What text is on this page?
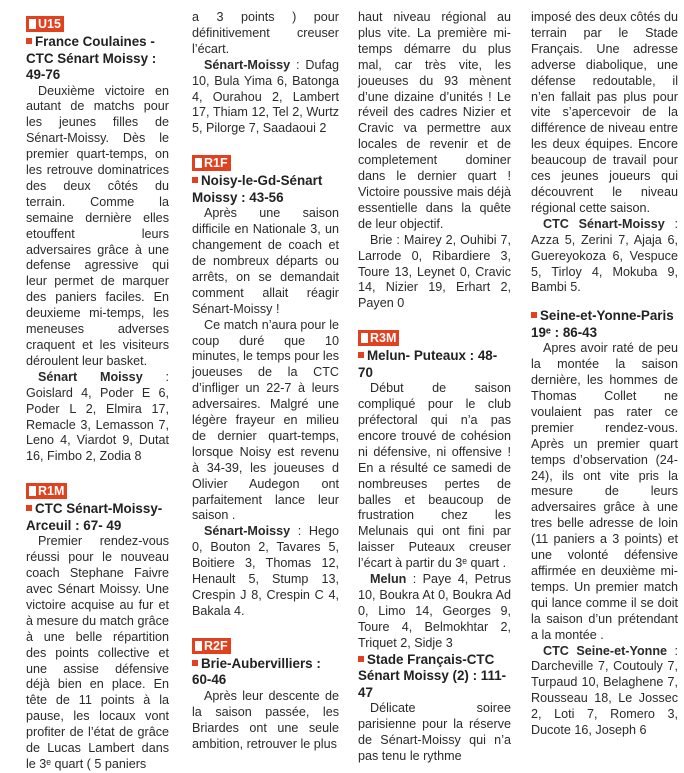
U15
France Coulaines - CTC Sénart Moissy : 49-76

Deuxième victoire en autant de matchs pour les jeunes filles de Sénart-Moissy. Dès le premier quart-temps, on les retrouve dominatrices des deux côtés du terrain. Comme la semaine dernière elles etouffent leurs adversaires grâce à une defense agressive qui leur permet de marquer des paniers faciles. En deuxieme mi-temps, les meneuses adverses craquent et les visiteurs déroulent leur basket.

Sénart Moissy : Goislard 4, Poder E 6, Poder L 2, Elmira 17, Remacle 3, Lemasson 7, Leno 4, Viardot 9, Dutat 16, Fimbo 2, Zodia 8

R1M
CTC Sénart-Moissy-Arceuil : 67- 49

Premier rendez-vous réussi pour le nouveau coach Stephane Faivre avec Sénart Moissy. Une victoire acquise au fur et à mesure du match grâce à une belle répartition des points collective et une assise défensive déjà bien en place. En tête de 11 points à la pause, les locaux vont profiter de l’état de grâce de Lucas Lambert dans le 3ᵉ quart ( 5 paniers

a 3 points ) pour définitivement creuser l’écart.

Sénart-Moissy : Dufag 10, Bula Yima 6, Batonga 4, Ourahou 2, Lambert 17, Thiam 12, Tel 2, Wurtz 5, Pilorge 7, Saadaoui 2

R1F
Noisy-le-Gd-Sénart Moissy : 43-56

Après une saison difficile en Nationale 3, un changement de coach et de nombreux départs ou arrêts, on se demandait comment allait réagir Sénart-Moissy !

Ce match n’aura pour le coup duré que 10 minutes, le temps pour les joueuses de la CTC d’infliger un 22-7 à leurs adversaires. Malgré une légère frayeur en milieu de dernier quart-temps, lorsque Noisy est revenu à 34-39, les joueuses d Olivier Audegon ont parfaitement lance leur saison .

Sénart-Moissy : Hego 0, Bouton 2, Tavares 5, Boitiere 3, Thomas 12, Henault 5, Stump 13, Crespin J 8, Crespin C 4, Bakala 4.

R2F
Brie-Aubervilliers : 60-46

Après leur descente de la saison passée, les Briardes ont une seule ambition, retrouver le plus

haut niveau régional au plus vite. La première mi-temps démarre du plus mal, car très vite, les joueuses du 93 mènent d’une dizaine d’unités ! Le réveil des cadres Nizier et Cravic va permettre aux locales de revenir et de completement dominer dans le dernier quart ! Victoire poussive mais déjà essentielle dans la quête de leur objectif.

Brie : Mairey 2, Ouhibi 7, Larrode 0, Ribardiere 3, Toure 13, Leynet 0, Cravic 14, Nizier 19, Erhart 2, Payen 0

R3M
Melun- Puteaux : 48-70

Début de saison compliqué pour le club préfectoral qui n’a pas encore trouvé de cohésion ni défensive, ni offensive ! En a résulté ce samedi de nombreuses pertes de balles et beaucoup de frustration chez les Melunais qui ont fini par laisser Puteaux creuser l’écart à partir du 3ᵉ quart .

Melun : Paye 4, Petrus 10, Boukra At 0, Boukra Ad 0, Limo 14, Georges 9, Toure 4, Belmokhtar 2, Triquet 2, Sidje 3

Stade Français-CTC Sénart Moissy (2) : 111-47

Délicate soiree parisienne pour la réserve de Sénart-Moissy qui n’a pas tenu le rythme

imposé des deux côtés du terrain par le Stade Français. Une adresse adverse diabolique, une défense redoutable, il n’en fallait pas plus pour vite s’apercevoir de la différence de niveau entre les deux équipes. Encore beaucoup de travail pour ces jeunes joueurs qui découvrent le niveau régional cette saison.

CTC Sénart-Moissy : Azza 5, Zerini 7, Ajaja 6, Guereyokoza 6, Vespuce 5, Tirloy 4, Mokuba 9, Bambi 5.

Seine-et-Yonne-Paris 19ᵉ : 86-43

Apres avoir raté de peu la montée la saison dernière, les hommes de Thomas Collet ne voulaient pas rater ce premier rendez-vous. Après un premier quart temps d’observation (24-24), ils ont vite pris la mesure de leurs adversaires grâce à une tres belle adresse de loin (11 paniers a 3 points) et une volonté défensive affirmée en deuxième mi-temps. Un premier match qui lance comme il se doit la saison d’un prétendant a la montée .

CTC Seine-et-Yonne : Darcheville 7, Coutouly 7, Turpaud 10, Belaghene 7, Rousseau 18, Le Jossec 2, Loti 7, Romero 3, Ducote 16, Joseph 6
